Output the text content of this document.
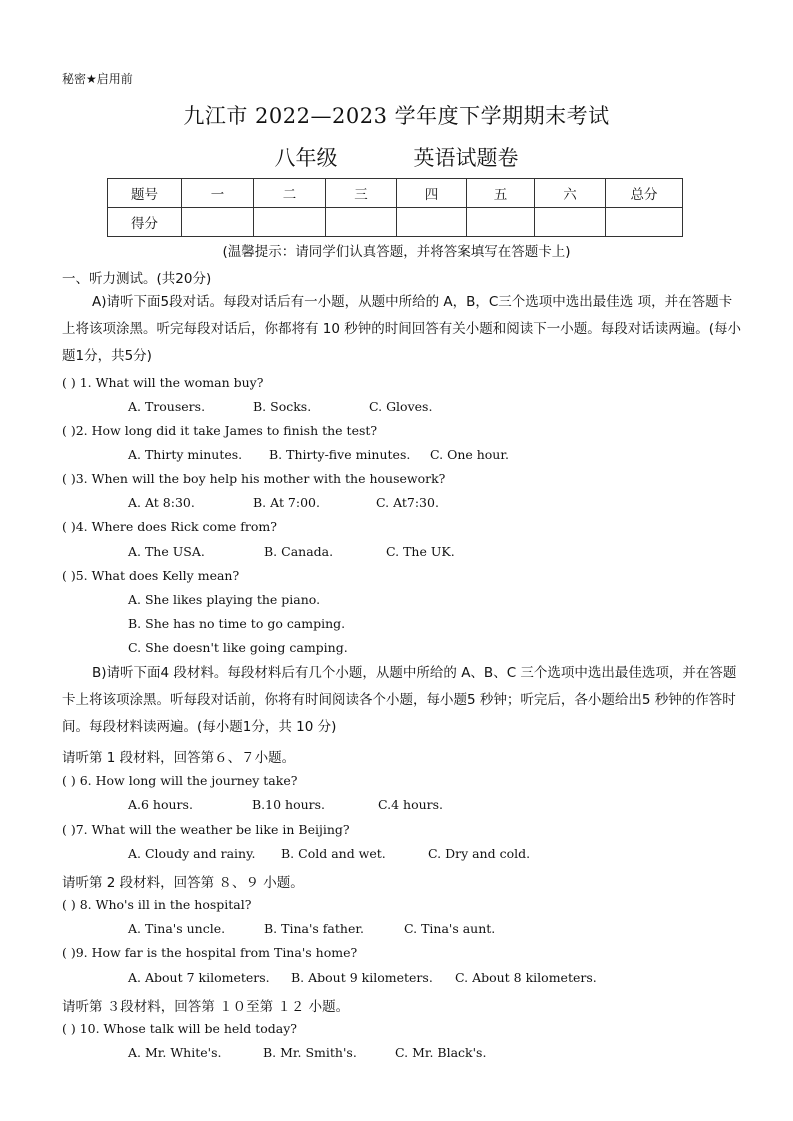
秘密★启用前
九江市 2022—2023 学年度下学期期末考试
八年级	英语试题卷
题号	一	二	三	四	五	六	总分
得分							
(温馨提示：请同学们认真答题，并将答案填写在答题卡上)
一、听力测试。(共20分)
A)请听下面5段对话。每段对话后有一小题，从题中所给的 A，B，C三个选项中选出最佳选 项，并在答题卡上将该项涂黑。听完每段对话后，你都将有 10 秒钟的时间回答有关小题和阅读下一小题。每段对话读两遍。(每小题1分，共5分)
( ) 1. What will the woman buy?
A. Trousers.	B. Socks.	C. Gloves.
( )2. How long did it take James to finish the test?
A. Thirty minutes. B. Thirty-five minutes. C. One hour.
( )3. When will the boy help his mother with the housework?
A. At 8:30.	B. At 7:00.	C. At7:30.
( )4. Where does Rick come from?
A. The USA.	B. Canada.	C. The UK.
( )5. What does Kelly mean?
A. She likes playing the piano.
B. She has no time to go camping.
C. She doesn't like going camping.
B)请听下面4 段材料。每段材料后有几个小题，从题中所给的 A、B、C 三个选项中选出最佳选项，并在答题卡上将该项涂黑。听每段对话前，你将有时间阅读各个小题，每小题5 秒钟；听完后，各小题给出5 秒钟的作答时间。每段材料读两遍。(每小题1分，共 10 分)
请听第 1 段材料，回答第６、７小题。
( ) 6. How long will the journey take?
A.6 hours.	B.10 hours.	C.4 hours.
( )7. What will the weather be like in Beijing?
A. Cloudy and rainy. B. Cold and wet.	C. Dry and cold.
请听第 2 段材料，回答第 ８、９ 小题。
( ) 8. Who's ill in the hospital?
A. Tina's uncle.	B. Tina's father.	C. Tina's aunt.
( )9. How far is the hospital from Tina's home?
A. About 7 kilometers. B. About 9 kilometers. C. About 8 kilometers.
请听第 ３段材料，回答第 １０至第 １２ 小题。
( ) 10. Whose talk will be held today?
A. Mr. White's.	B. Mr. Smith's.	C. Mr. Black's.
